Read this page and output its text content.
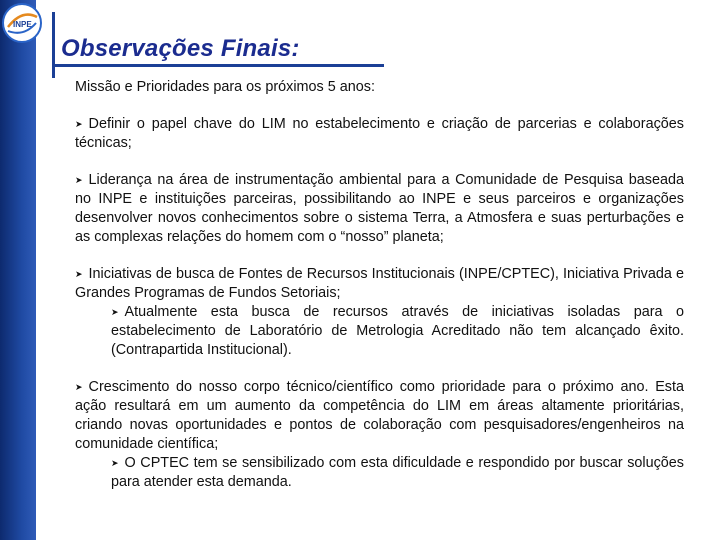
INPE
Observações Finais:

Missão e Prioridades para os próximos 5 anos:

➤ Definir o papel chave do LIM no estabelecimento e criação de parcerias e colaborações técnicas;

➤ Liderança na área de instrumentação ambiental para a Comunidade de Pesquisa baseada no INPE e instituições parceiras, possibilitando ao INPE e seus parceiros e organizações desenvolver novos conhecimentos sobre o sistema Terra, a Atmosfera e suas perturbações e as complexas relações do homem com o “nosso” planeta;

➤ Iniciativas de busca de Fontes de Recursos Institucionais (INPE/CPTEC), Iniciativa Privada e Grandes Programas de Fundos Setoriais;

➤ Atualmente esta busca de recursos através de iniciativas isoladas para o estabelecimento de Laboratório de Metrologia Acreditado não tem alcançado êxito. (Contrapartida Institucional).

➤ Crescimento do nosso corpo técnico/científico como prioridade para o próximo ano. Esta ação resultará em um aumento da competência do LIM em áreas altamente prioritárias, criando novas oportunidades e pontos de colaboração com pesquisadores/engenheiros na comunidade científica;

➤ O CPTEC tem se sensibilizado com esta dificuldade e respondido por buscar soluções para atender esta demanda.
